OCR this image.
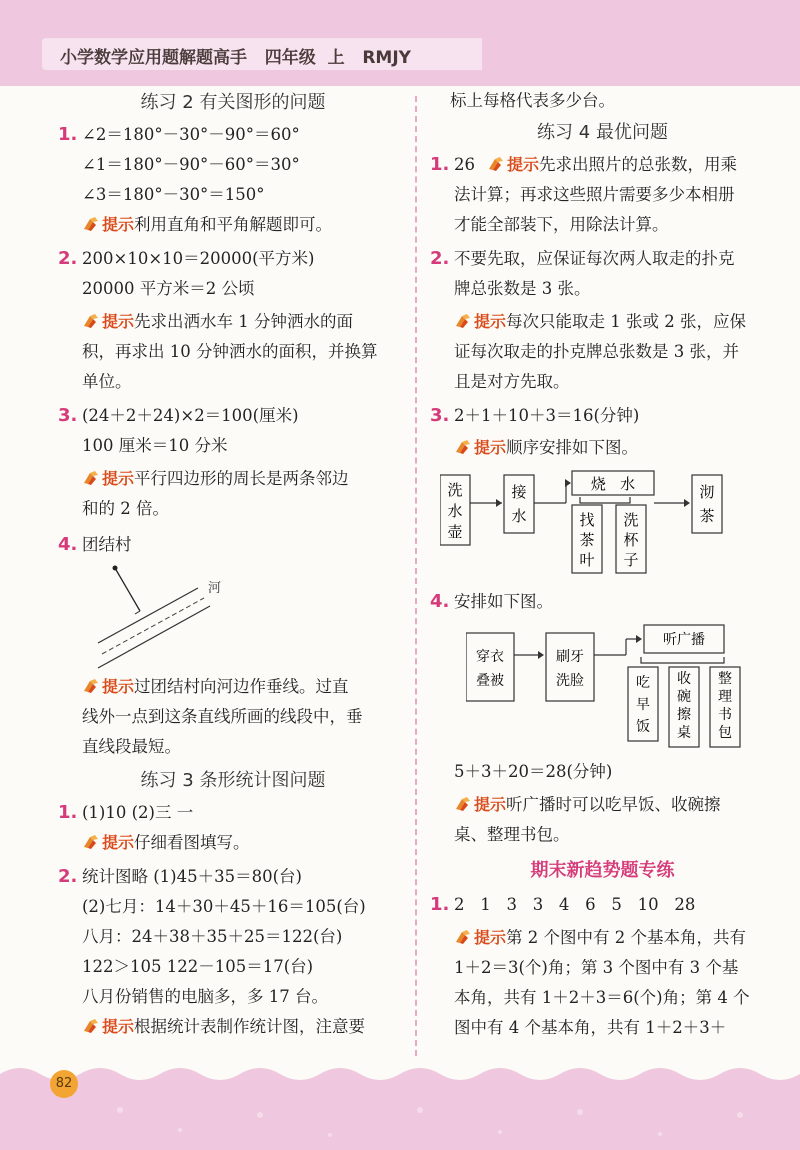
小学数学应用题解题高手   四年级  上   RMJY
练习 2 有关图形的问题
1. ∠2＝180°－30°－90°＝60°
∠1＝180°－90°－60°＝30°
∠3＝180°－30°＝150°
提示利用直角和平角解题即可。
2. 200×10×10＝20000(平方米)
20000 平方米＝2 公顷
提示先求出洒水车 1 分钟洒水的面
积，再求出 10 分钟洒水的面积，并换算
单位。
3. (24＋2＋24)×2＝100(厘米)
100 厘米＝10 分米
提示平行四边形的周长是两条邻边
和的 2 倍。
4. 团结村
河
提示过团结村向河边作垂线。过直
线外一点到这条直线所画的线段中，垂
直线段最短。
练习 3 条形统计图问题
1. (1)10 (2)三 一
提示仔细看图填写。
2. 统计图略 (1)45＋35＝80(台)
(2)七月：14＋30＋45＋16＝105(台)
八月：24＋38＋35＋25＝122(台)
122＞105 122－105＝17(台)
八月份销售的电脑多，多 17 台。
提示根据统计表制作统计图，注意要
标上每格代表多少台。
练习 4 最优问题
1. 26 提示先求出照片的总张数，用乘
法计算；再求这些照片需要多少本相册
才能全部装下，用除法计算。
2. 不要先取，应保证每次两人取走的扑克
牌总张数是 3 张。
提示每次只能取走 1 张或 2 张，应保
证每次取走的扑克牌总张数是 3 张，并
且是对方先取。
3. 2＋1＋10＋3＝16(分钟)
提示顺序安排如下图。
洗
水
壶
接
水
烧   水
找
茶
叶
洗
杯
子
沏
茶
4. 安排如下图。
穿衣
叠被
刷牙
洗脸
听广播
吃
早
饭
收
碗
擦
桌
整
理
书
包
5＋3＋20＝28(分钟)
提示听广播时可以吃早饭、收碗擦
桌、整理书包。
期末新趋势题专练
1. 2   1   3   3   4   6   5   10   28
提示第 2 个图中有 2 个基本角，共有
1＋2＝3(个)角；第 3 个图中有 3 个基
本角，共有 1＋2＋3＝6(个)角；第 4 个
图中有 4 个基本角，共有 1＋2＋3＋
82
